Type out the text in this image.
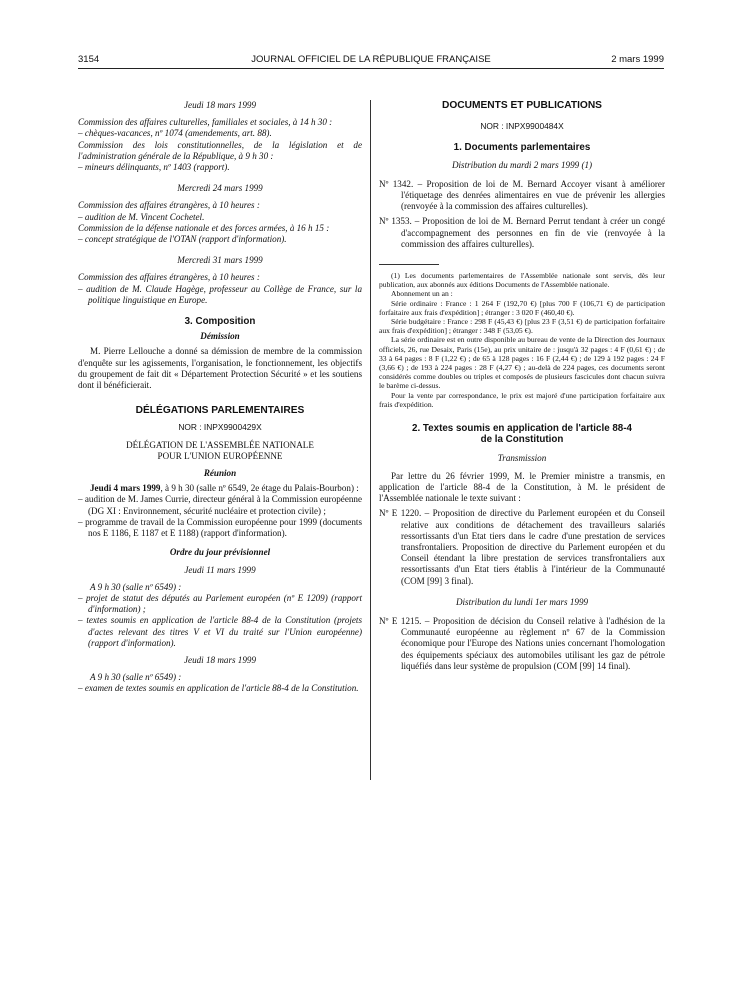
3154	JOURNAL OFFICIEL DE LA RÉPUBLIQUE FRANÇAISE	2 mars 1999
Jeudi 18 mars 1999
Commission des affaires culturelles, familiales et sociales, à 14 h 30 :
– chèques-vacances, nº 1074 (amendements, art. 88).
Commission des lois constitutionnelles, de la législation et de l'administration générale de la République, à 9 h 30 :
– mineurs délinquants, nº 1403 (rapport).
Mercredi 24 mars 1999
Commission des affaires étrangères, à 10 heures :
– audition de M. Vincent Cochetel.
Commission de la défense nationale et des forces armées, à 16 h 15 :
– concept stratégique de l'OTAN (rapport d'information).
Mercredi 31 mars 1999
Commission des affaires étrangères, à 10 heures :
– audition de M. Claude Hagège, professeur au Collège de France, sur la politique linguistique en Europe.
3. Composition
Démission
M. Pierre Lellouche a donné sa démission de membre de la commission d'enquête sur les agissements, l'organisation, le fonctionnement, les objectifs du groupement de fait dit « Département Protection Sécurité » et les soutiens dont il bénéficierait.
DÉLÉGATIONS PARLEMENTAIRES
NOR : INPX9900429X
DÉLÉGATION DE L'ASSEMBLÉE NATIONALE
POUR L'UNION EUROPÉENNE
Réunion
Jeudi 4 mars 1999, à 9 h 30 (salle nº 6549, 2e étage du Palais-Bourbon) :
– audition de M. James Currie, directeur général à la Commission européenne (DG XI : Environnement, sécurité nucléaire et protection civile) ;
– programme de travail de la Commission européenne pour 1999 (documents nos E 1186, E 1187 et E 1188) (rapport d'information).
Ordre du jour prévisionnel
Jeudi 11 mars 1999
A 9 h 30 (salle nº 6549) :
– projet de statut des députés au Parlement européen (nº E 1209) (rapport d'information) ;
– textes soumis en application de l'article 88-4 de la Constitution (projets d'actes relevant des titres V et VI du traité sur l'Union européenne) (rapport d'information).
Jeudi 18 mars 1999
A 9 h 30 (salle nº 6549) :
– examen de textes soumis en application de l'article 88-4 de la Constitution.
DOCUMENTS ET PUBLICATIONS
NOR : INPX9900484X
1. Documents parlementaires
Distribution du mardi 2 mars 1999 (1)
Nº 1342. – Proposition de loi de M. Bernard Accoyer visant à améliorer l'étiquetage des denrées alimentaires en vue de prévenir les allergies (renvoyée à la commission des affaires culturelles).
Nº 1353. – Proposition de loi de M. Bernard Perrut tendant à créer un congé d'accompagnement des personnes en fin de vie (renvoyée à la commission des affaires culturelles).
(1) Les documents parlementaires de l'Assemblée nationale sont servis, dès leur publication, aux abonnés aux éditions Documents de l'Assemblée nationale.
Abonnement un an :
Série ordinaire : France : 1 264 F (192,70 €) [plus 700 F (106,71 €) de participation forfaitaire aux frais d'expédition] ; étranger : 3 020 F (460,40 €).
Série budgétaire : France : 298 F (45,43 €) [plus 23 F (3,51 €) de participation forfaitaire aux frais d'expédition] ; étranger : 348 F (53,05 €).
La série ordinaire est en outre disponible au bureau de vente de la Direction des Journaux officiels, 26, rue Desaix, Paris (15e), au prix unitaire de : jusqu'à 32 pages : 4 F (0,61 €) ; de 33 à 64 pages : 8 F (1,22 €) ; de 65 à 128 pages : 16 F (2,44 €) ; de 129 à 192 pages : 24 F (3,66 €) ; de 193 à 224 pages : 28 F (4,27 €) ; au-delà de 224 pages, ces documents seront considérés comme doubles ou triples et composés de plusieurs fascicules dont chacun suivra le barème ci-dessus.
Pour la vente par correspondance, le prix est majoré d'une participation forfaitaire aux frais d'expédition.
2. Textes soumis en application de l'article 88-4
de la Constitution
Transmission
Par lettre du 26 février 1999, M. le Premier ministre a transmis, en application de l'article 88-4 de la Constitution, à M. le président de l'Assemblée nationale le texte suivant :
Nº E 1220. – Proposition de directive du Parlement européen et du Conseil relative aux conditions de détachement des travailleurs salariés ressortissants d'un Etat tiers dans le cadre d'une prestation de services transfrontaliers. Proposition de directive du Parlement européen et du Conseil étendant la libre prestation de services transfrontaliers aux ressortissants d'un Etat tiers établis à l'intérieur de la Communauté (COM [99] 3 final).
Distribution du lundi 1er mars 1999
Nº E 1215. – Proposition de décision du Conseil relative à l'adhésion de la Communauté européenne au règlement nº 67 de la Commission économique pour l'Europe des Nations unies concernant l'homologation des équipements spéciaux des automobiles utilisant les gaz de pétrole liquéfiés dans leur système de propulsion (COM [99] 14 final).
